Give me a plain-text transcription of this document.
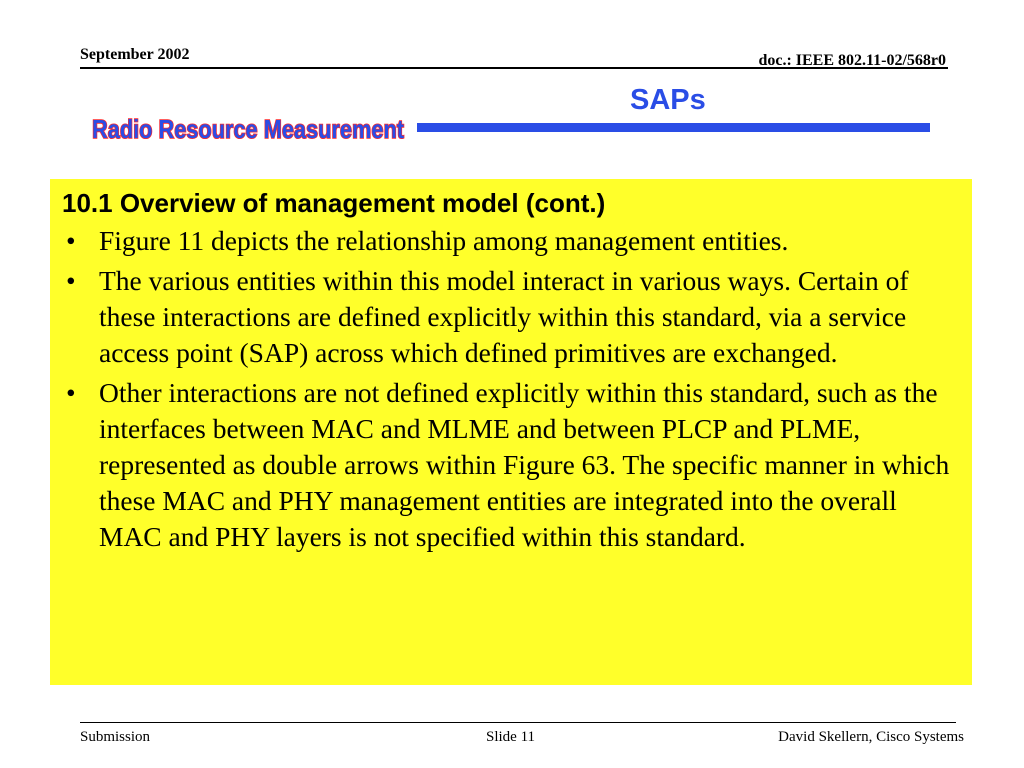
September 2002	doc.: IEEE 802.11-02/568r0
SAPs
Radio Resource Measurement
10.1 Overview of management model (cont.)
• Figure 11 depicts the relationship among management entities.
• The various entities within this model interact in various ways. Certain of these interactions are defined explicitly within this standard, via a service access point (SAP) across which defined primitives are exchanged.
• Other interactions are not defined explicitly within this standard, such as the interfaces between MAC and MLME and between PLCP and PLME, represented as double arrows within Figure 63. The specific manner in which these MAC and PHY management entities are integrated into the overall MAC and PHY layers is not specified within this standard.
Submission	Slide 11	David Skellern, Cisco Systems
